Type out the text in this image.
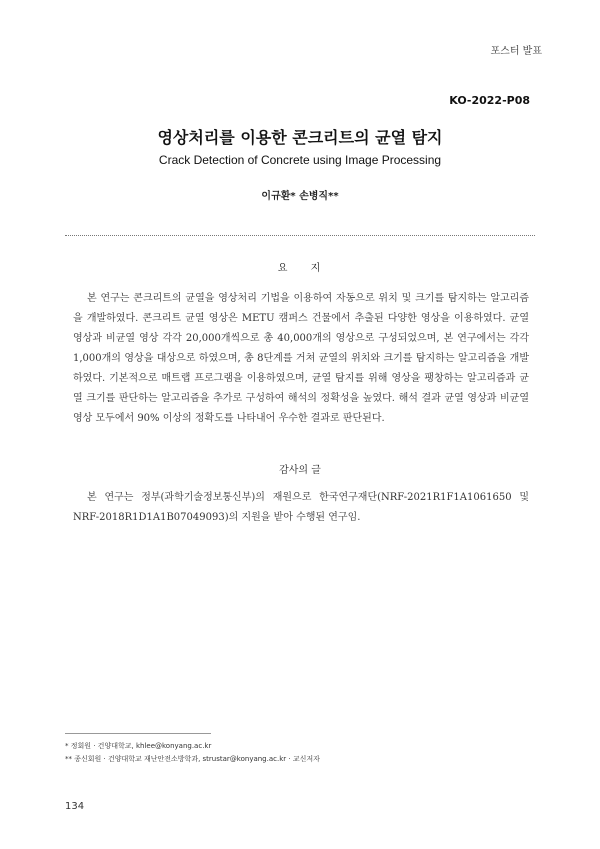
포스터 발표
KO-2022-P08
영상처리를 이용한 콘크리트의 균열 탐지
Crack Detection of Concrete using Image Processing
이규환* 손병직**
요 지
본 연구는 콘크리트의 균열을 영상처리 기법을 이용하여 자동으로 위치 및 크기를 탐지하는 알고리즘을 개발하였다. 콘크리트 균열 영상은 METU 캠퍼스 건물에서 추출된 다양한 영상을 이용하였다. 균열 영상과 비균열 영상 각각 20,000개씩으로 총 40,000개의 영상으로 구성되었으며, 본 연구에서는 각각 1,000개의 영상을 대상으로 하였으며, 총 8단계를 거쳐 균열의 위치와 크기를 탐지하는 알고리즘을 개발하였다. 기본적으로 매트랩 프로그램을 이용하였으며, 균열 탐지를 위해 영상을 팽창하는 알고리즘과 균열 크기를 판단하는 알고리즘을 추가로 구성하여 해석의 정확성을 높였다. 해석 결과 균열 영상과 비균열 영상 모두에서 90% 이상의 정확도를 나타내어 우수한 결과로 판단된다.
감사의 글
본 연구는 정부(과학기술정보통신부)의 재원으로 한국연구재단(NRF-2021R1F1A1061650 및 NRF-2018R1D1A1B07049093)의 지원을 받아 수행된 연구임.
* 정회원 · 건양대학교, khlee@konyang.ac.kr
** 종신회원 · 건양대학교 재난안전소방학과, strustar@konyang.ac.kr · 교신저자
134
